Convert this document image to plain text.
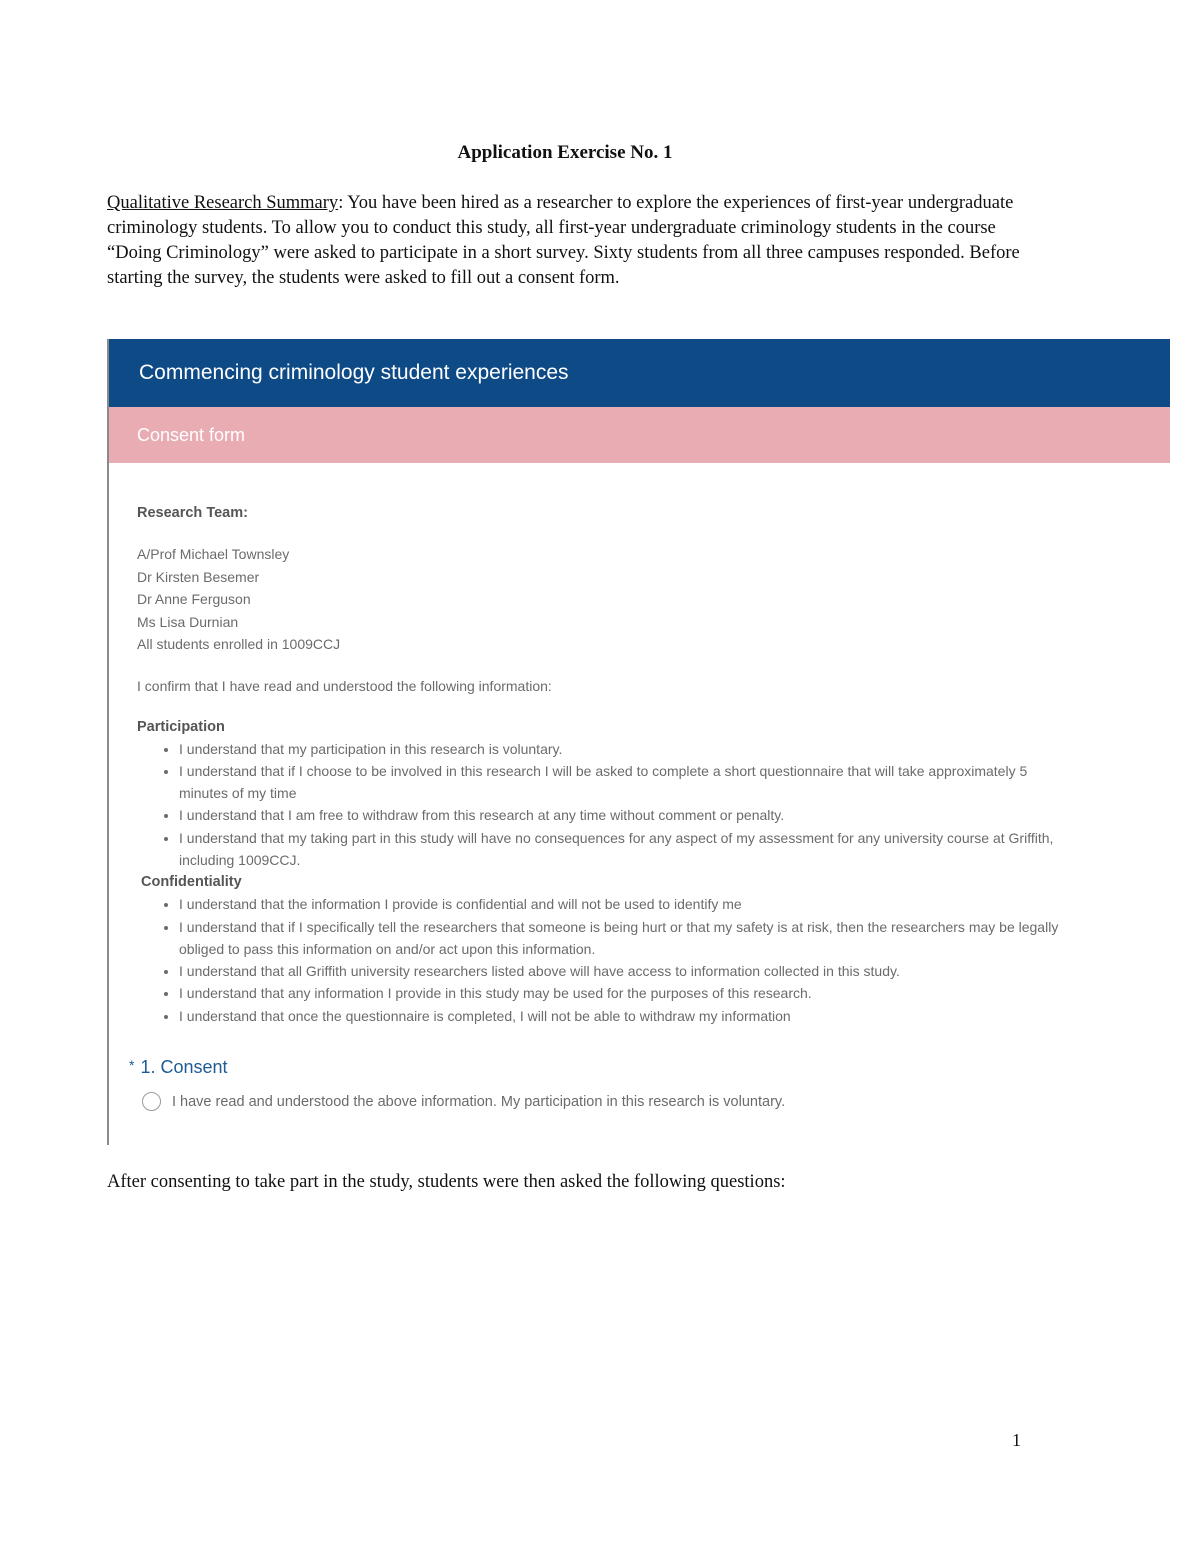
Application Exercise No. 1
Qualitative Research Summary: You have been hired as a researcher to explore the experiences of first-year undergraduate criminology students. To allow you to conduct this study, all first-year undergraduate criminology students in the course “Doing Criminology” were asked to participate in a short survey. Sixty students from all three campuses responded. Before starting the survey, the students were asked to fill out a consent form.
Commencing criminology student experiences
Consent form
Research Team:
A/Prof Michael Townsley
Dr Kirsten Besemer
Dr Anne Ferguson
Ms Lisa Durnian
All students enrolled in 1009CCJ
I confirm that I have read and understood the following information:
Participation
• I understand that my participation in this research is voluntary.
• I understand that if I choose to be involved in this research I will be asked to complete a short questionnaire that will take approximately 5 minutes of my time
• I understand that I am free to withdraw from this research at any time without comment or penalty.
• I understand that my taking part in this study will have no consequences for any aspect of my assessment for any university course at Griffith, including 1009CCJ.
Confidentiality
• I understand that the information I provide is confidential and will not be used to identify me
• I understand that if I specifically tell the researchers that someone is being hurt or that my safety is at risk, then the researchers may be legally obliged to pass this information on and/or act upon this information.
• I understand that all Griffith university researchers listed above will have access to information collected in this study.
• I understand that any information I provide in this study may be used for the purposes of this research.
• I understand that once the questionnaire is completed, I will not be able to withdraw my information
* 1. Consent
I have read and understood the above information. My participation in this research is voluntary.
After consenting to take part in the study, students were then asked the following questions:
1
